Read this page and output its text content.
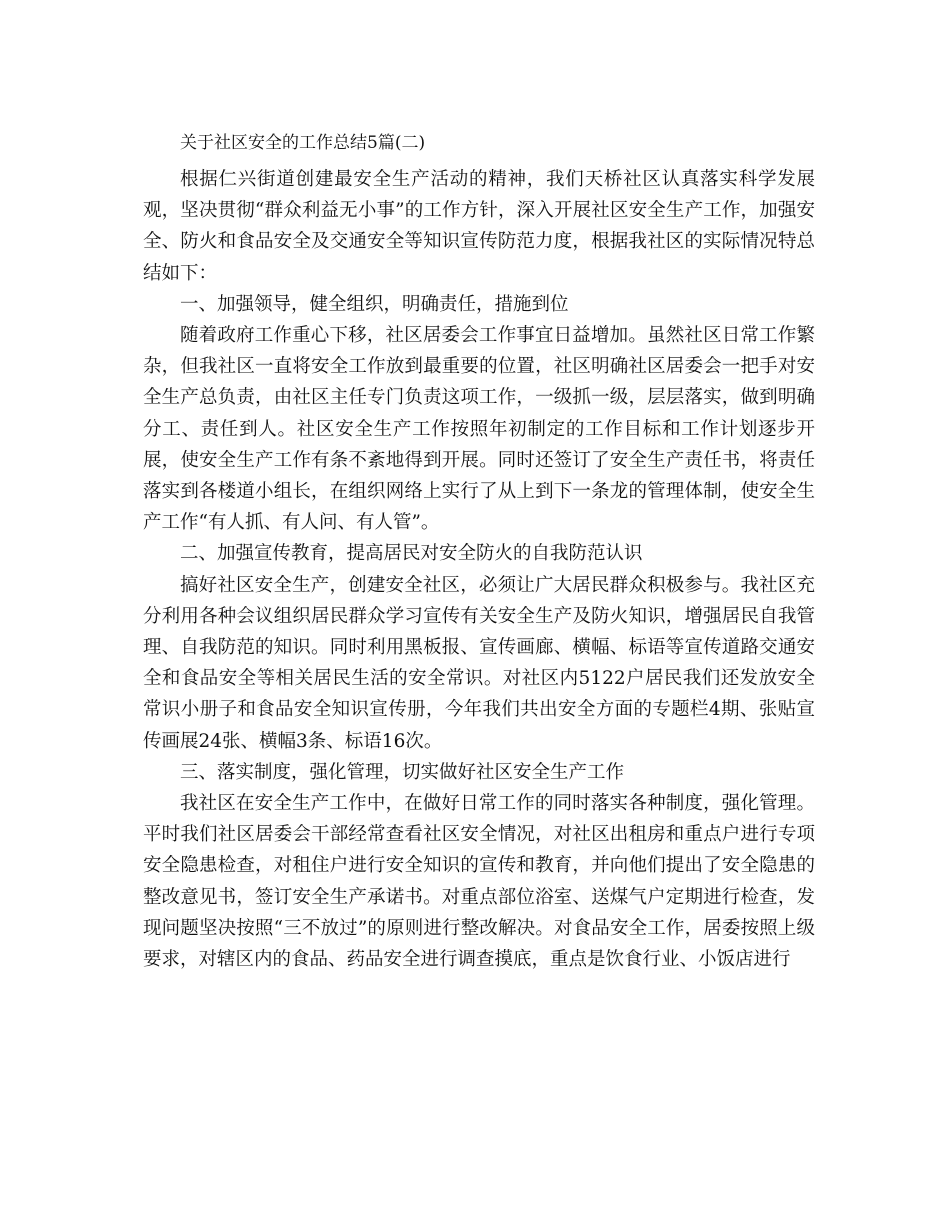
关于社区安全的工作总结5篇(二)

根据仁兴街道创建最安全生产活动的精神，我们天桥社区认真落实科学发展观，坚决贯彻“群众利益无小事”的工作方针，深入开展社区安全生产工作，加强安全、防火和食品安全及交通安全等知识宣传防范力度，根据我社区的实际情况特总结如下：

一、加强领导，健全组织，明确责任，措施到位

随着政府工作重心下移，社区居委会工作事宜日益增加。虽然社区日常工作繁杂，但我社区一直将安全工作放到最重要的位置，社区明确社区居委会一把手对安全生产总负责，由社区主任专门负责这项工作，一级抓一级，层层落实，做到明确分工、责任到人。社区安全生产工作按照年初制定的工作目标和工作计划逐步开展，使安全生产工作有条不紊地得到开展。同时还签订了安全生产责任书，将责任落实到各楼道小组长，在组织网络上实行了从上到下一条龙的管理体制，使安全生产工作“有人抓、有人问、有人管”。

二、加强宣传教育，提高居民对安全防火的自我防范认识

搞好社区安全生产，创建安全社区，必须让广大居民群众积极参与。我社区充分利用各种会议组织居民群众学习宣传有关安全生产及防火知识，增强居民自我管理、自我防范的知识。同时利用黑板报、宣传画廊、横幅、标语等宣传道路交通安全和食品安全等相关居民生活的安全常识。对社区内5122户居民我们还发放安全常识小册子和食品安全知识宣传册，今年我们共出安全方面的专题栏4期、张贴宣传画展24张、横幅3条、标语16次。

三、落实制度，强化管理，切实做好社区安全生产工作

我社区在安全生产工作中，在做好日常工作的同时落实各种制度，强化管理。平时我们社区居委会干部经常查看社区安全情况，对社区出租房和重点户进行专项安全隐患检查，对租住户进行安全知识的宣传和教育，并向他们提出了安全隐患的整改意见书，签订安全生产承诺书。对重点部位浴室、送煤气户定期进行检查，发现问题坚决按照“三不放过”的原则进行整改解决。对食品安全工作，居委按照上级要求，对辖区内的食品、药品安全进行调查摸底，重点是饮食行业、小饭店进行
